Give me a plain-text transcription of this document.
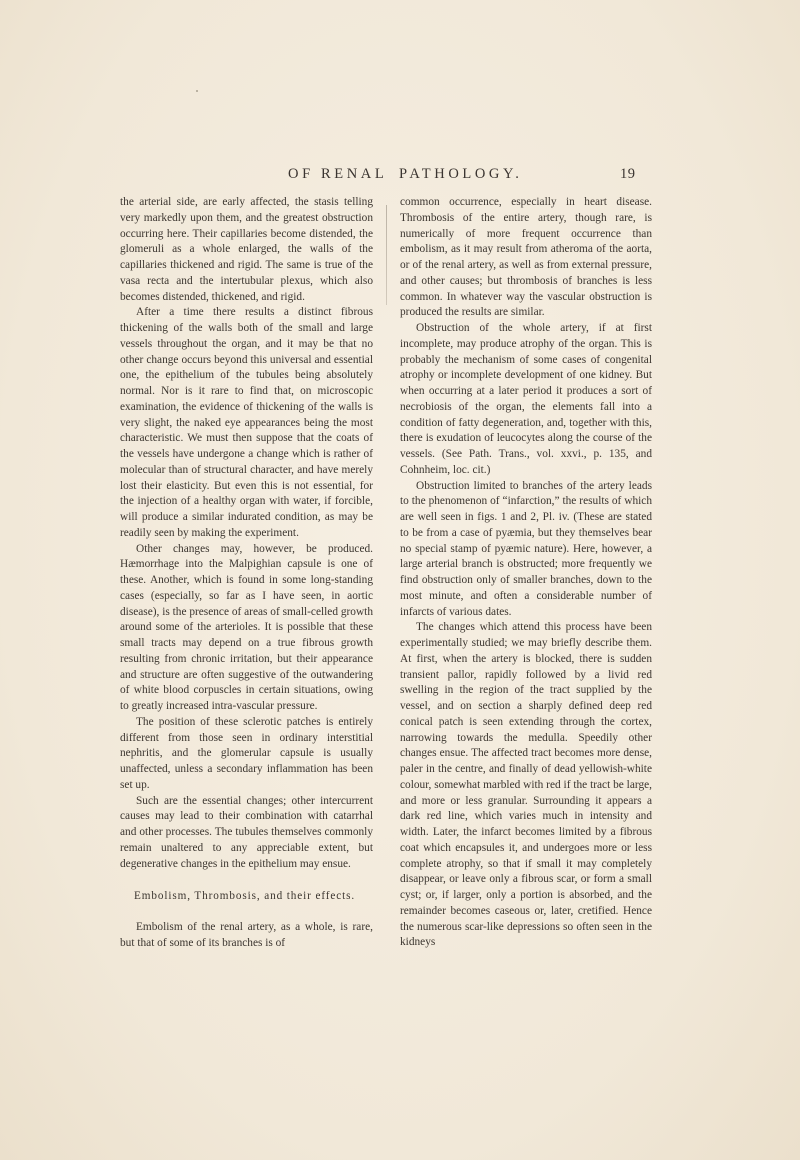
OF RENAL PATHOLOGY.	19

the arterial side, are early affected, the stasis telling very markedly upon them, and the greatest obstruction occurring here. Their capillaries become distended, the glomeruli as a whole enlarged, the walls of the capillaries thickened and rigid. The same is true of the vasa recta and the intertubular plexus, which also becomes distended, thickened, and rigid.

After a time there results a distinct fibrous thickening of the walls both of the small and large vessels throughout the organ, and it may be that no other change occurs beyond this universal and essential one, the epithelium of the tubules being absolutely normal. Nor is it rare to find that, on microscopic examination, the evidence of thickening of the walls is very slight, the naked eye appearances being the most characteristic. We must then suppose that the coats of the vessels have undergone a change which is rather of molecular than of structural character, and have merely lost their elasticity. But even this is not essential, for the injection of a healthy organ with water, if forcible, will produce a similar indurated condition, as may be readily seen by making the experiment.

Other changes may, however, be produced. Hæmorrhage into the Malpighian capsule is one of these. Another, which is found in some long-standing cases (especially, so far as I have seen, in aortic disease), is the presence of areas of small-celled growth around some of the arterioles. It is possible that these small tracts may depend on a true fibrous growth resulting from chronic irritation, but their appearance and structure are often suggestive of the outwandering of white blood corpuscles in certain situations, owing to greatly increased intra-vascular pressure.

The position of these sclerotic patches is entirely different from those seen in ordinary interstitial nephritis, and the glomerular capsule is usually unaffected, unless a secondary inflammation has been set up.

Such are the essential changes; other intercurrent causes may lead to their combination with catarrhal and other processes. The tubules themselves commonly remain unaltered to any appreciable extent, but degenerative changes in the epithelium may ensue.

Embolism, Thrombosis, and their effects.

Embolism of the renal artery, as a whole, is rare, but that of some of its branches is of

common occurrence, especially in heart disease. Thrombosis of the entire artery, though rare, is numerically of more frequent occurrence than embolism, as it may result from atheroma of the aorta, or of the renal artery, as well as from external pressure, and other causes; but thrombosis of branches is less common. In whatever way the vascular obstruction is produced the results are similar.

Obstruction of the whole artery, if at first incomplete, may produce atrophy of the organ. This is probably the mechanism of some cases of congenital atrophy or incomplete development of one kidney. But when occurring at a later period it produces a sort of necrobiosis of the organ, the elements fall into a condition of fatty degeneration, and, together with this, there is exudation of leucocytes along the course of the vessels. (See Path. Trans., vol. xxvi., p. 135, and Cohnheim, loc. cit.)

Obstruction limited to branches of the artery leads to the phenomenon of “infarction,” the results of which are well seen in figs. 1 and 2, Pl. iv. (These are stated to be from a case of pyæmia, but they themselves bear no special stamp of pyæmic nature). Here, however, a large arterial branch is obstructed; more frequently we find obstruction only of smaller branches, down to the most minute, and often a considerable number of infarcts of various dates.

The changes which attend this process have been experimentally studied; we may briefly describe them. At first, when the artery is blocked, there is sudden transient pallor, rapidly followed by a livid red swelling in the region of the tract supplied by the vessel, and on section a sharply defined deep red conical patch is seen extending through the cortex, narrowing towards the medulla. Speedily other changes ensue. The affected tract becomes more dense, paler in the centre, and finally of dead yellowish-white colour, somewhat marbled with red if the tract be large, and more or less granular. Surrounding it appears a dark red line, which varies much in intensity and width. Later, the infarct becomes limited by a fibrous coat which encapsules it, and undergoes more or less complete atrophy, so that if small it may completely disappear, or leave only a fibrous scar, or form a small cyst; or, if larger, only a portion is absorbed, and the remainder becomes caseous or, later, cretified. Hence the numerous scar-like depressions so often seen in the kidneys
